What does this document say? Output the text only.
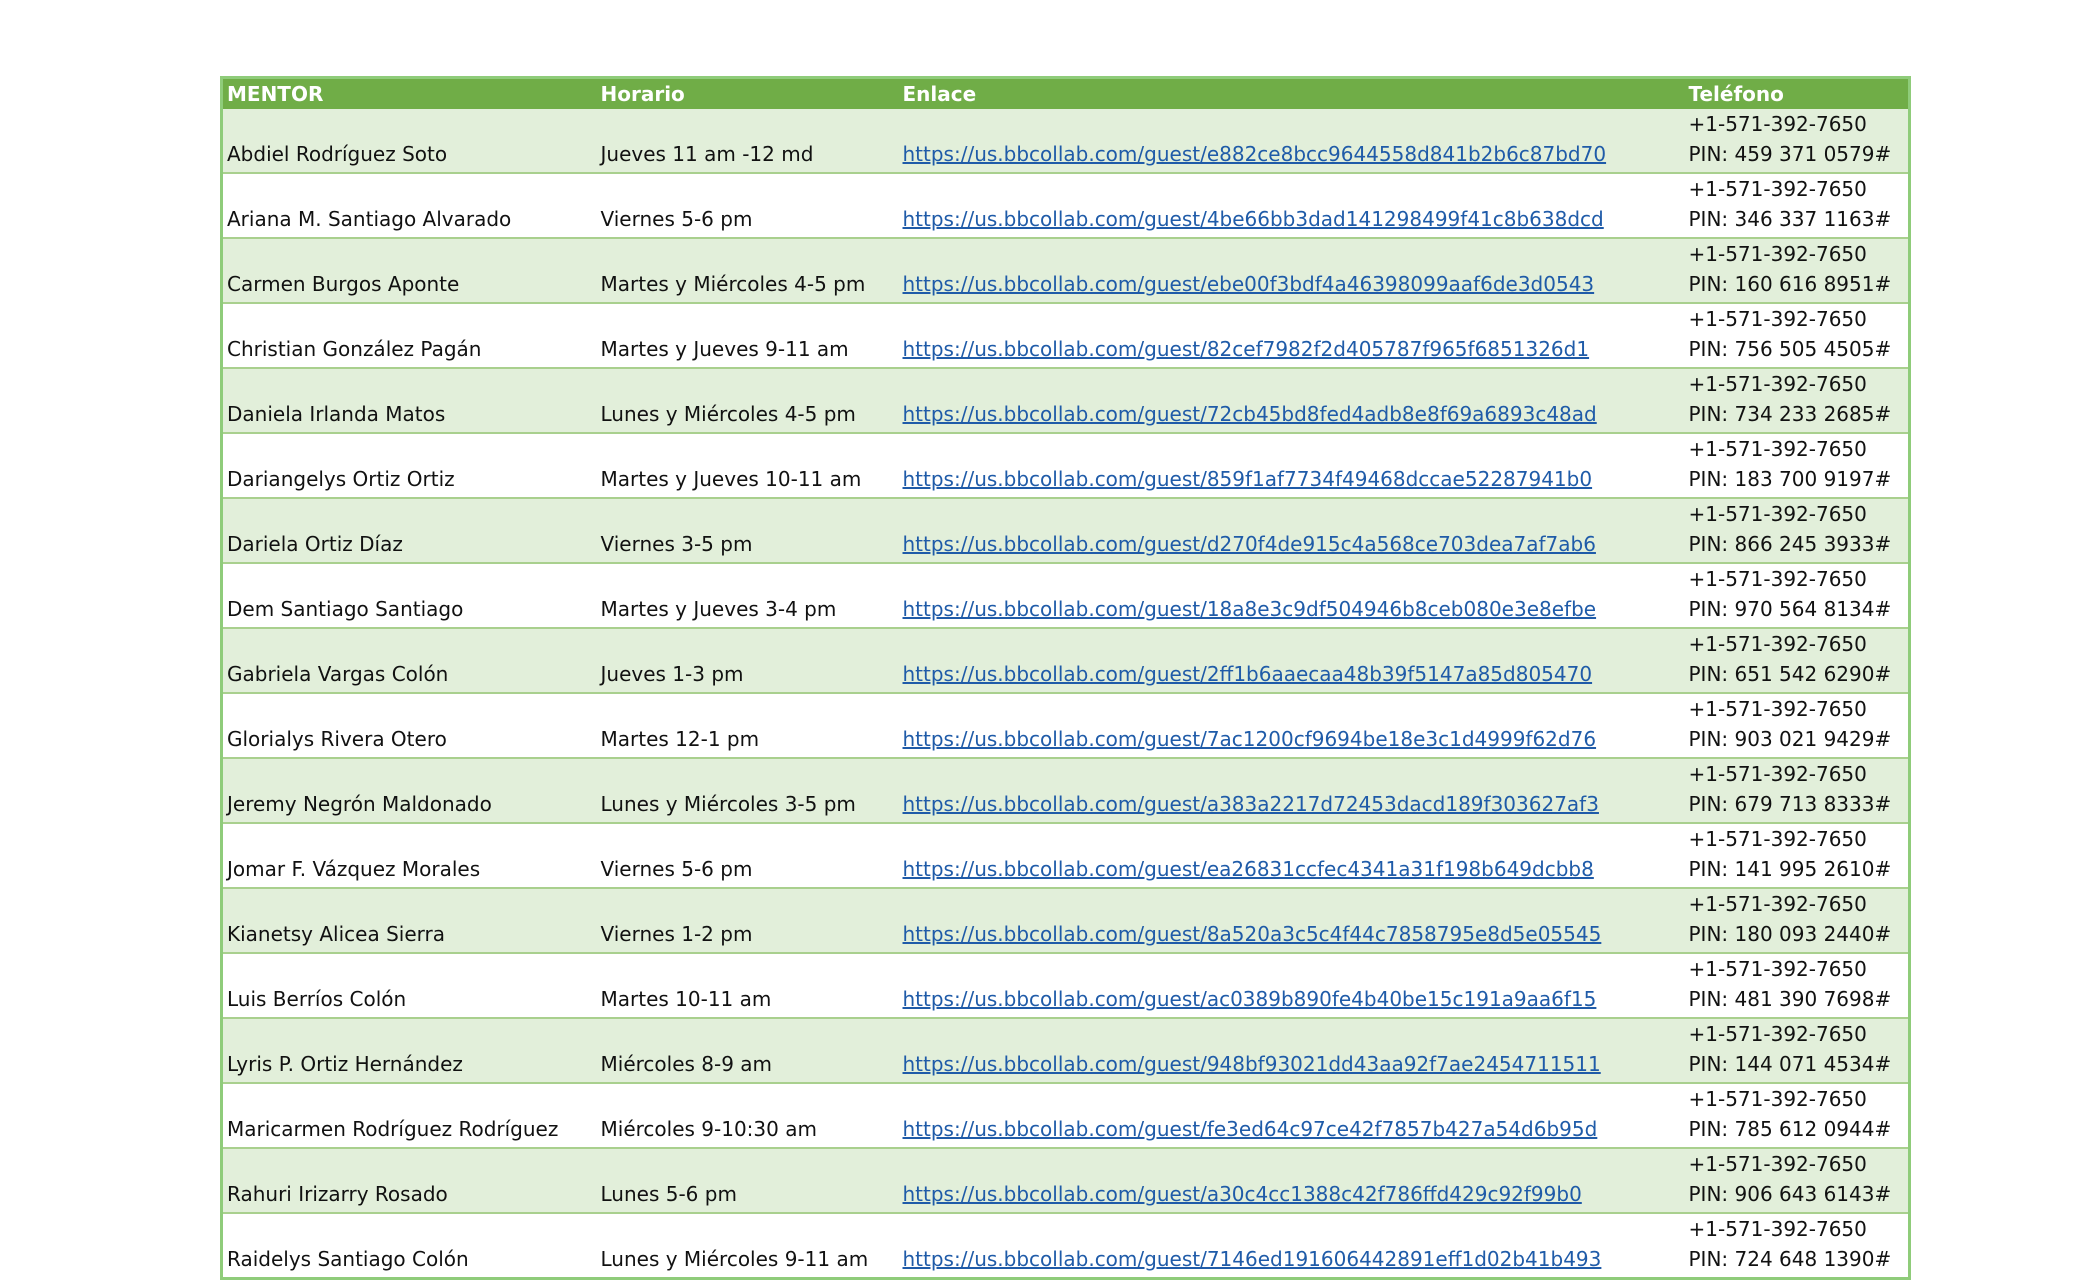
MENTOR	Horario	Enlace	Teléfono
Abdiel Rodríguez Soto	Jueves 11 am -12 md	https://us.bbcollab.com/guest/e882ce8bcc9644558d841b2b6c87bd70	+1-571-392-7650
PIN: 459 371 0579#

Ariana M. Santiago Alvarado	Viernes 5-6 pm	https://us.bbcollab.com/guest/4be66bb3dad141298499f41c8b638dcd	+1-571-392-7650
PIN: 346 337 1163#

Carmen Burgos Aponte	Martes y Miércoles 4-5 pm	https://us.bbcollab.com/guest/ebe00f3bdf4a46398099aaf6de3d0543	+1-571-392-7650
PIN: 160 616 8951#

Christian González Pagán	Martes y Jueves 9-11 am	https://us.bbcollab.com/guest/82cef7982f2d405787f965f6851326d1	+1-571-392-7650
PIN: 756 505 4505#

Daniela Irlanda Matos	Lunes y Miércoles 4-5 pm	https://us.bbcollab.com/guest/72cb45bd8fed4adb8e8f69a6893c48ad	+1-571-392-7650
PIN: 734 233 2685#

Dariangelys Ortiz Ortiz	Martes y Jueves 10-11 am	https://us.bbcollab.com/guest/859f1af7734f49468dccae52287941b0	+1-571-392-7650
PIN: 183 700 9197#

Dariela Ortiz Díaz	Viernes 3-5 pm	https://us.bbcollab.com/guest/d270f4de915c4a568ce703dea7af7ab6	+1-571-392-7650
PIN: 866 245 3933#

Dem Santiago Santiago	Martes y Jueves 3-4 pm	https://us.bbcollab.com/guest/18a8e3c9df504946b8ceb080e3e8efbe	+1-571-392-7650
PIN: 970 564 8134#

Gabriela Vargas Colón	Jueves 1-3 pm	https://us.bbcollab.com/guest/2ff1b6aaecaa48b39f5147a85d805470	+1-571-392-7650
PIN: 651 542 6290#

Glorialys Rivera Otero	Martes 12-1 pm	https://us.bbcollab.com/guest/7ac1200cf9694be18e3c1d4999f62d76	+1-571-392-7650
PIN: 903 021 9429#

Jeremy Negrón Maldonado	Lunes y Miércoles 3-5 pm	https://us.bbcollab.com/guest/a383a2217d72453dacd189f303627af3	+1-571-392-7650
PIN: 679 713 8333#

Jomar F. Vázquez Morales	Viernes 5-6 pm	https://us.bbcollab.com/guest/ea26831ccfec4341a31f198b649dcbb8	+1-571-392-7650
PIN: 141 995 2610#

Kianetsy Alicea Sierra	Viernes 1-2 pm	https://us.bbcollab.com/guest/8a520a3c5c4f44c7858795e8d5e05545	+1-571-392-7650
PIN: 180 093 2440#

Luis Berríos Colón	Martes 10-11 am	https://us.bbcollab.com/guest/ac0389b890fe4b40be15c191a9aa6f15	+1-571-392-7650
PIN: 481 390 7698#

Lyris P. Ortiz Hernández	Miércoles 8-9 am	https://us.bbcollab.com/guest/948bf93021dd43aa92f7ae2454711511	+1-571-392-7650
PIN: 144 071 4534#

Maricarmen Rodríguez Rodríguez	Miércoles 9-10:30 am	https://us.bbcollab.com/guest/fe3ed64c97ce42f7857b427a54d6b95d	+1-571-392-7650
PIN: 785 612 0944#

Rahuri Irizarry Rosado	Lunes 5-6 pm	https://us.bbcollab.com/guest/a30c4cc1388c42f786ffd429c92f99b0	+1-571-392-7650
PIN: 906 643 6143#

Raidelys Santiago Colón	Lunes y Miércoles 9-11 am	https://us.bbcollab.com/guest/7146ed191606442891eff1d02b41b493	+1-571-392-7650
PIN: 724 648 1390#
